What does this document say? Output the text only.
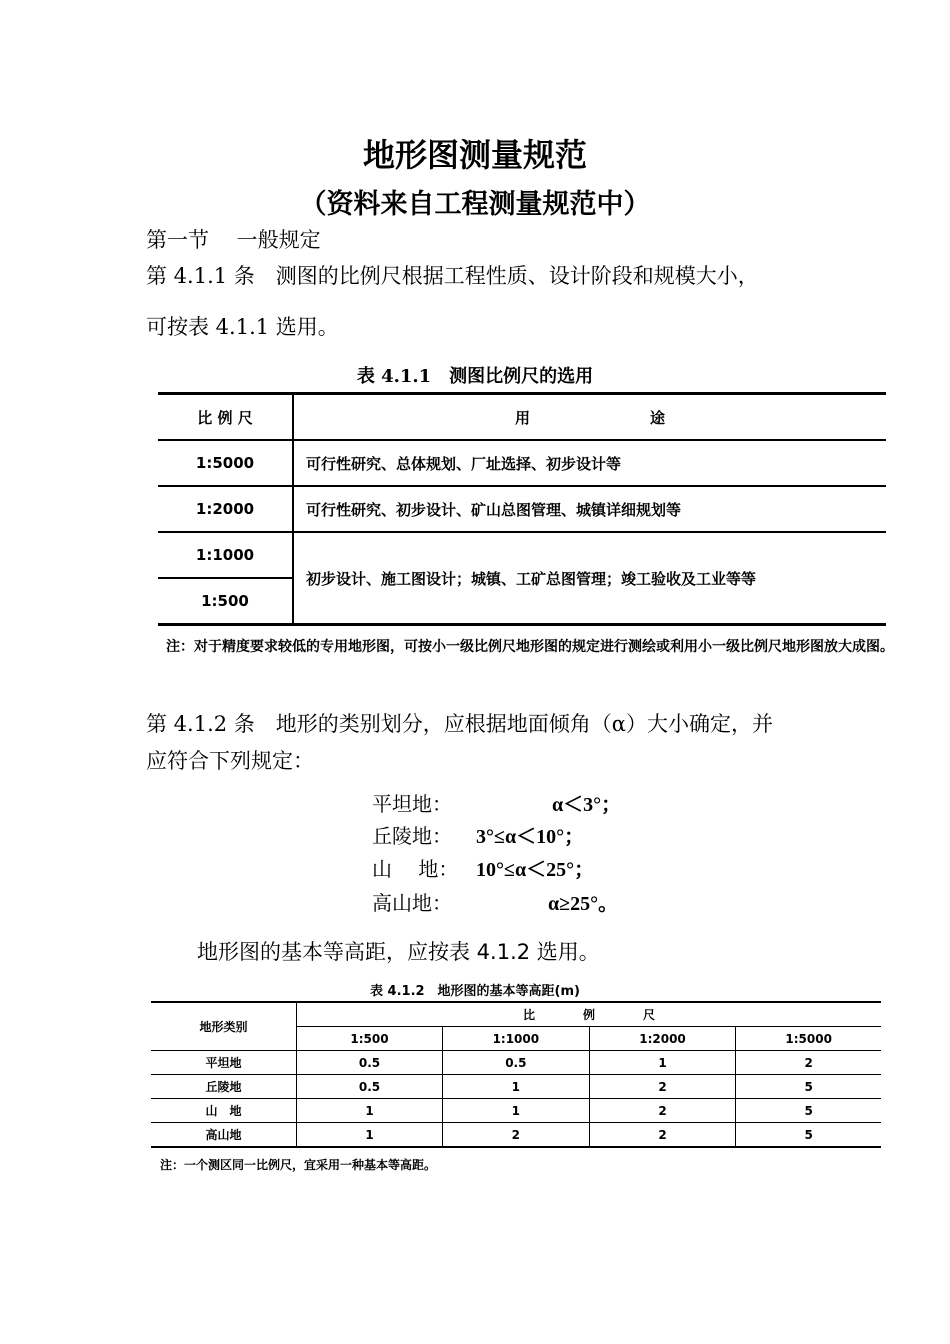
地形图测量规范
（资料来自工程测量规范中）
第一节　 一般规定
第 4.1.1 条　测图的比例尺根据工程性质、设计阶段和规模大小，
可按表 4.1.1 选用。
表 4.1.1　测图比例尺的选用
比 例 尺	用　　　　　　　　途
1:5000	可行性研究、总体规划、厂址选择、初步设计等
1:2000	可行性研究、初步设计、矿山总图管理、城镇详细规划等
1:1000	初步设计、施工图设计；城镇、工矿总图管理；竣工验收及工业等等
1:500	
注：对于精度要求较低的专用地形图，可按小一级比例尺地形图的规定进行测绘或利用小一级比例尺地形图放大成图。
第 4.1.2 条　地形的类别划分，应根据地面倾角（α）大小确定，并
应符合下列规定：
平坦地：	α＜3°；
丘陵地： 3°≤α＜10°；
山　 地： 10°≤α＜25°；
高山地：	α≥25°。
地形图的基本等高距，应按表 4.1.2 选用。
表 4.1.2　地形图的基本等高距(m)
地形类别	比　　　　例　　　　尺			
	1:500	1:1000	1:2000	1:5000
平坦地	0.5	0.5	1	2
丘陵地	0.5	1	2	5
山　地	1	1	2	5
高山地	1	2	2	5
注：一个测区同一比例尺，宜采用一种基本等高距。
